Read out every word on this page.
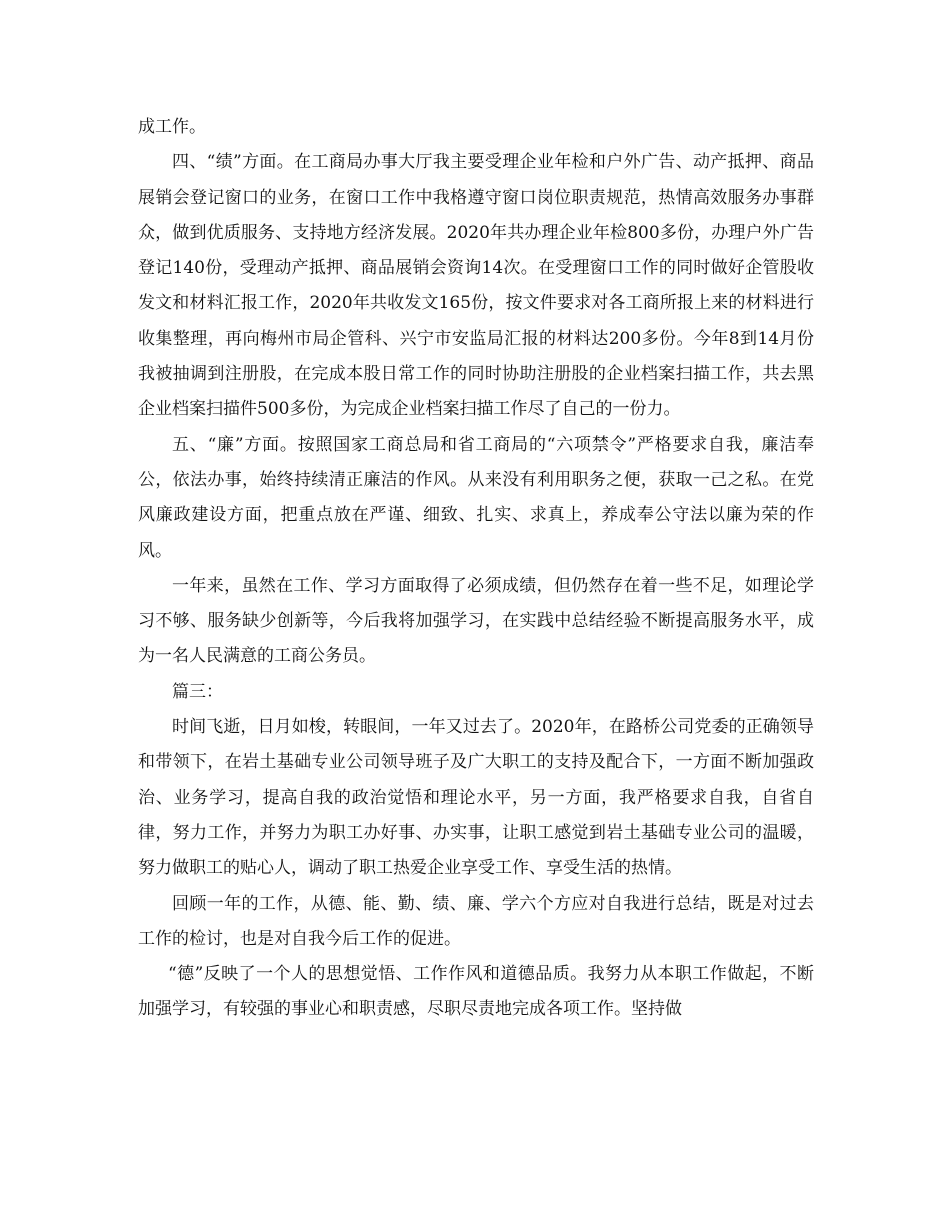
成工作。

四、“绩”方面。在工商局办事大厅我主要受理企业年检和户外广告、动产抵押、商品展销会登记窗口的业务，在窗口工作中我格遵守窗口岗位职责规范，热情高效服务办事群众，做到优质服务、支持地方经济发展。2020年共办理企业年检800多份，办理户外广告登记140份，受理动产抵押、商品展销会资询14次。在受理窗口工作的同时做好企管股收发文和材料汇报工作，2020年共收发文165份，按文件要求对各工商所报上来的材料进行收集整理，再向梅州市局企管科、兴宁市安监局汇报的材料达200多份。今年8到14月份我被抽调到注册股，在完成本股日常工作的同时协助注册股的企业档案扫描工作，共去黑企业档案扫描件500多份，为完成企业档案扫描工作尽了自己的一份力。

五、“廉”方面。按照国家工商总局和省工商局的“六项禁令”严格要求自我，廉洁奉公，依法办事，始终持续清正廉洁的作风。从来没有利用职务之便，获取一己之私。在党风廉政建设方面，把重点放在严谨、细致、扎实、求真上，养成奉公守法以廉为荣的作风。

一年来，虽然在工作、学习方面取得了必须成绩，但仍然存在着一些不足，如理论学习不够、服务缺少创新等，今后我将加强学习，在实践中总结经验不断提高服务水平，成为一名人民满意的工商公务员。

篇三：

时间飞逝，日月如梭，转眼间，一年又过去了。2020年，在路桥公司党委的正确领导和带领下，在岩土基础专业公司领导班子及广大职工的支持及配合下，一方面不断加强政治、业务学习，提高自我的政治觉悟和理论水平，另一方面，我严格要求自我，自省自律，努力工作，并努力为职工办好事、办实事，让职工感觉到岩土基础专业公司的温暖，努力做职工的贴心人，调动了职工热爱企业享受工作、享受生活的热情。

回顾一年的工作，从德、能、勤、绩、廉、学六个方应对自我进行总结，既是对过去工作的检讨，也是对自我今后工作的促进。

“德”反映了一个人的思想觉悟、工作作风和道德品质。我努力从本职工作做起，不断加强学习，有较强的事业心和职责感，尽职尽责地完成各项工作。坚持做
